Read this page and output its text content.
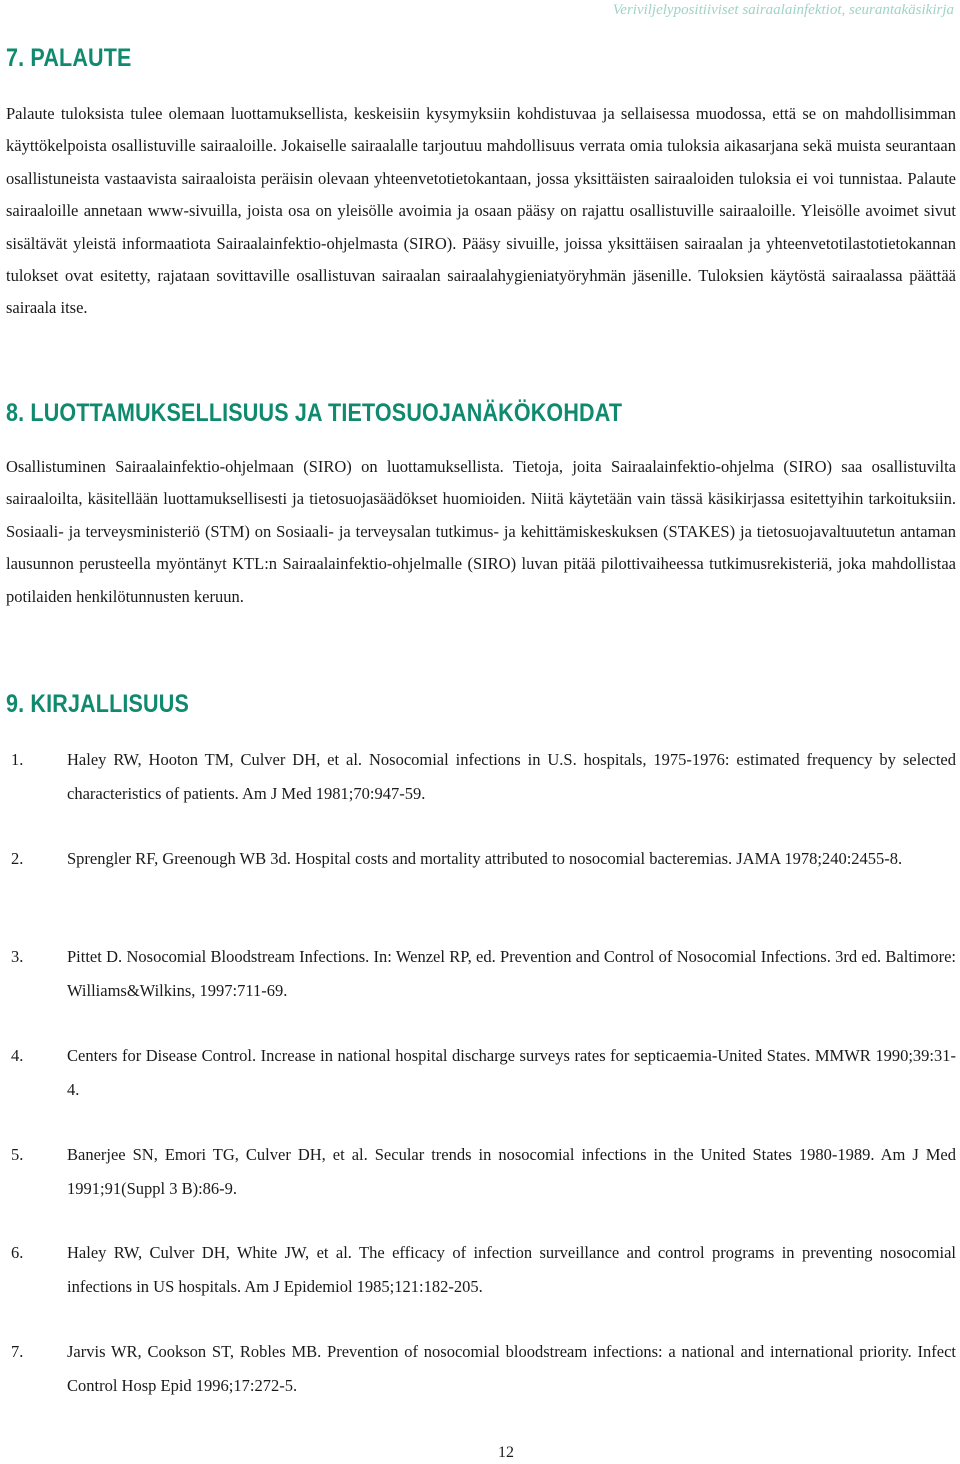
Veriviljelypositiiviset sairaalainfektiot, seurantakäsikirja
7. PALAUTE

Palaute tuloksista tulee olemaan luottamuksellista, keskeisiin kysymyksiin kohdistuvaa ja sellaisessa muodossa, että se on mahdollisimman käyttökelpoista osallistuville sairaaloille. Jokaiselle sairaalalle tarjoutuu mahdollisuus verrata omia tuloksia aikasarjana sekä muista seurantaan osallistuneista vastaavista sairaaloista peräisin olevaan yhteenvetotietokantaan, jossa yksittäisten sairaaloiden tuloksia ei voi tunnistaa. Palaute sairaaloille annetaan www-sivuilla, joista osa on yleisölle avoimia ja osaan pääsy on rajattu osallistuville sairaaloille. Yleisölle avoimet sivut sisältävät yleistä informaatiota Sairaalainfektio-ohjelmasta (SIRO). Pääsy sivuille, joissa yksittäisen sairaalan ja yhteenvetotilastotietokannan tulokset ovat esitetty, rajataan sovittaville osallistuvan sairaalan sairaalahygieniatyöryhmän jäsenille. Tuloksien käytöstä sairaalassa päättää sairaala itse.

8. LUOTTAMUKSELLISUUS JA TIETOSUOJANÄKÖKOHDAT

Osallistuminen Sairaalainfektio-ohjelmaan (SIRO) on luottamuksellista. Tietoja, joita Sairaalainfektio-ohjelma (SIRO) saa osallistuvilta sairaaloilta, käsitellään luottamuksellisesti ja tietosuojasäädökset huomioiden. Niitä käytetään vain tässä käsikirjassa esitettyihin tarkoituksiin. Sosiaali- ja terveysministeriö (STM) on Sosiaali- ja terveysalan tutkimus- ja kehittämiskeskuksen (STAKES) ja tietosuojavaltuutetun antaman lausunnon perusteella myöntänyt KTL:n Sairaalainfektio-ohjelmalle (SIRO) luvan pitää pilottivaiheessa tutkimusrekisteriä, joka mahdollistaa potilaiden henkilötunnusten keruun.

9. KIRJALLISUUS
1.	Haley RW, Hooton TM, Culver DH, et al. Nosocomial infections in U.S. hospitals, 1975-1976: estimated frequency by selected characteristics of patients. Am J Med 1981;70:947-59.
2.	Sprengler RF, Greenough WB 3d. Hospital costs and mortality attributed to nosocomial bacteremias. JAMA 1978;240:2455-8.
3.	Pittet D. Nosocomial Bloodstream Infections. In: Wenzel RP, ed. Prevention and Control of Nosocomial Infections. 3rd ed. Baltimore: Williams&Wilkins, 1997:711-69.
4.	Centers for Disease Control. Increase in national hospital discharge surveys rates for septicaemia-United States. MMWR 1990;39:31-4.
5.	Banerjee SN, Emori TG, Culver DH, et al. Secular trends in nosocomial infections in the United States 1980-1989. Am J Med 1991;91(Suppl 3 B):86-9.
6.	Haley RW, Culver DH, White JW, et al. The efficacy of infection surveillance and control programs in preventing nosocomial infections in US hospitals. Am J Epidemiol 1985;121:182-205.
7.	Jarvis WR, Cookson ST, Robles MB. Prevention of nosocomial bloodstream infections: a national and international priority. Infect Control Hosp Epid 1996;17:272-5.
12
